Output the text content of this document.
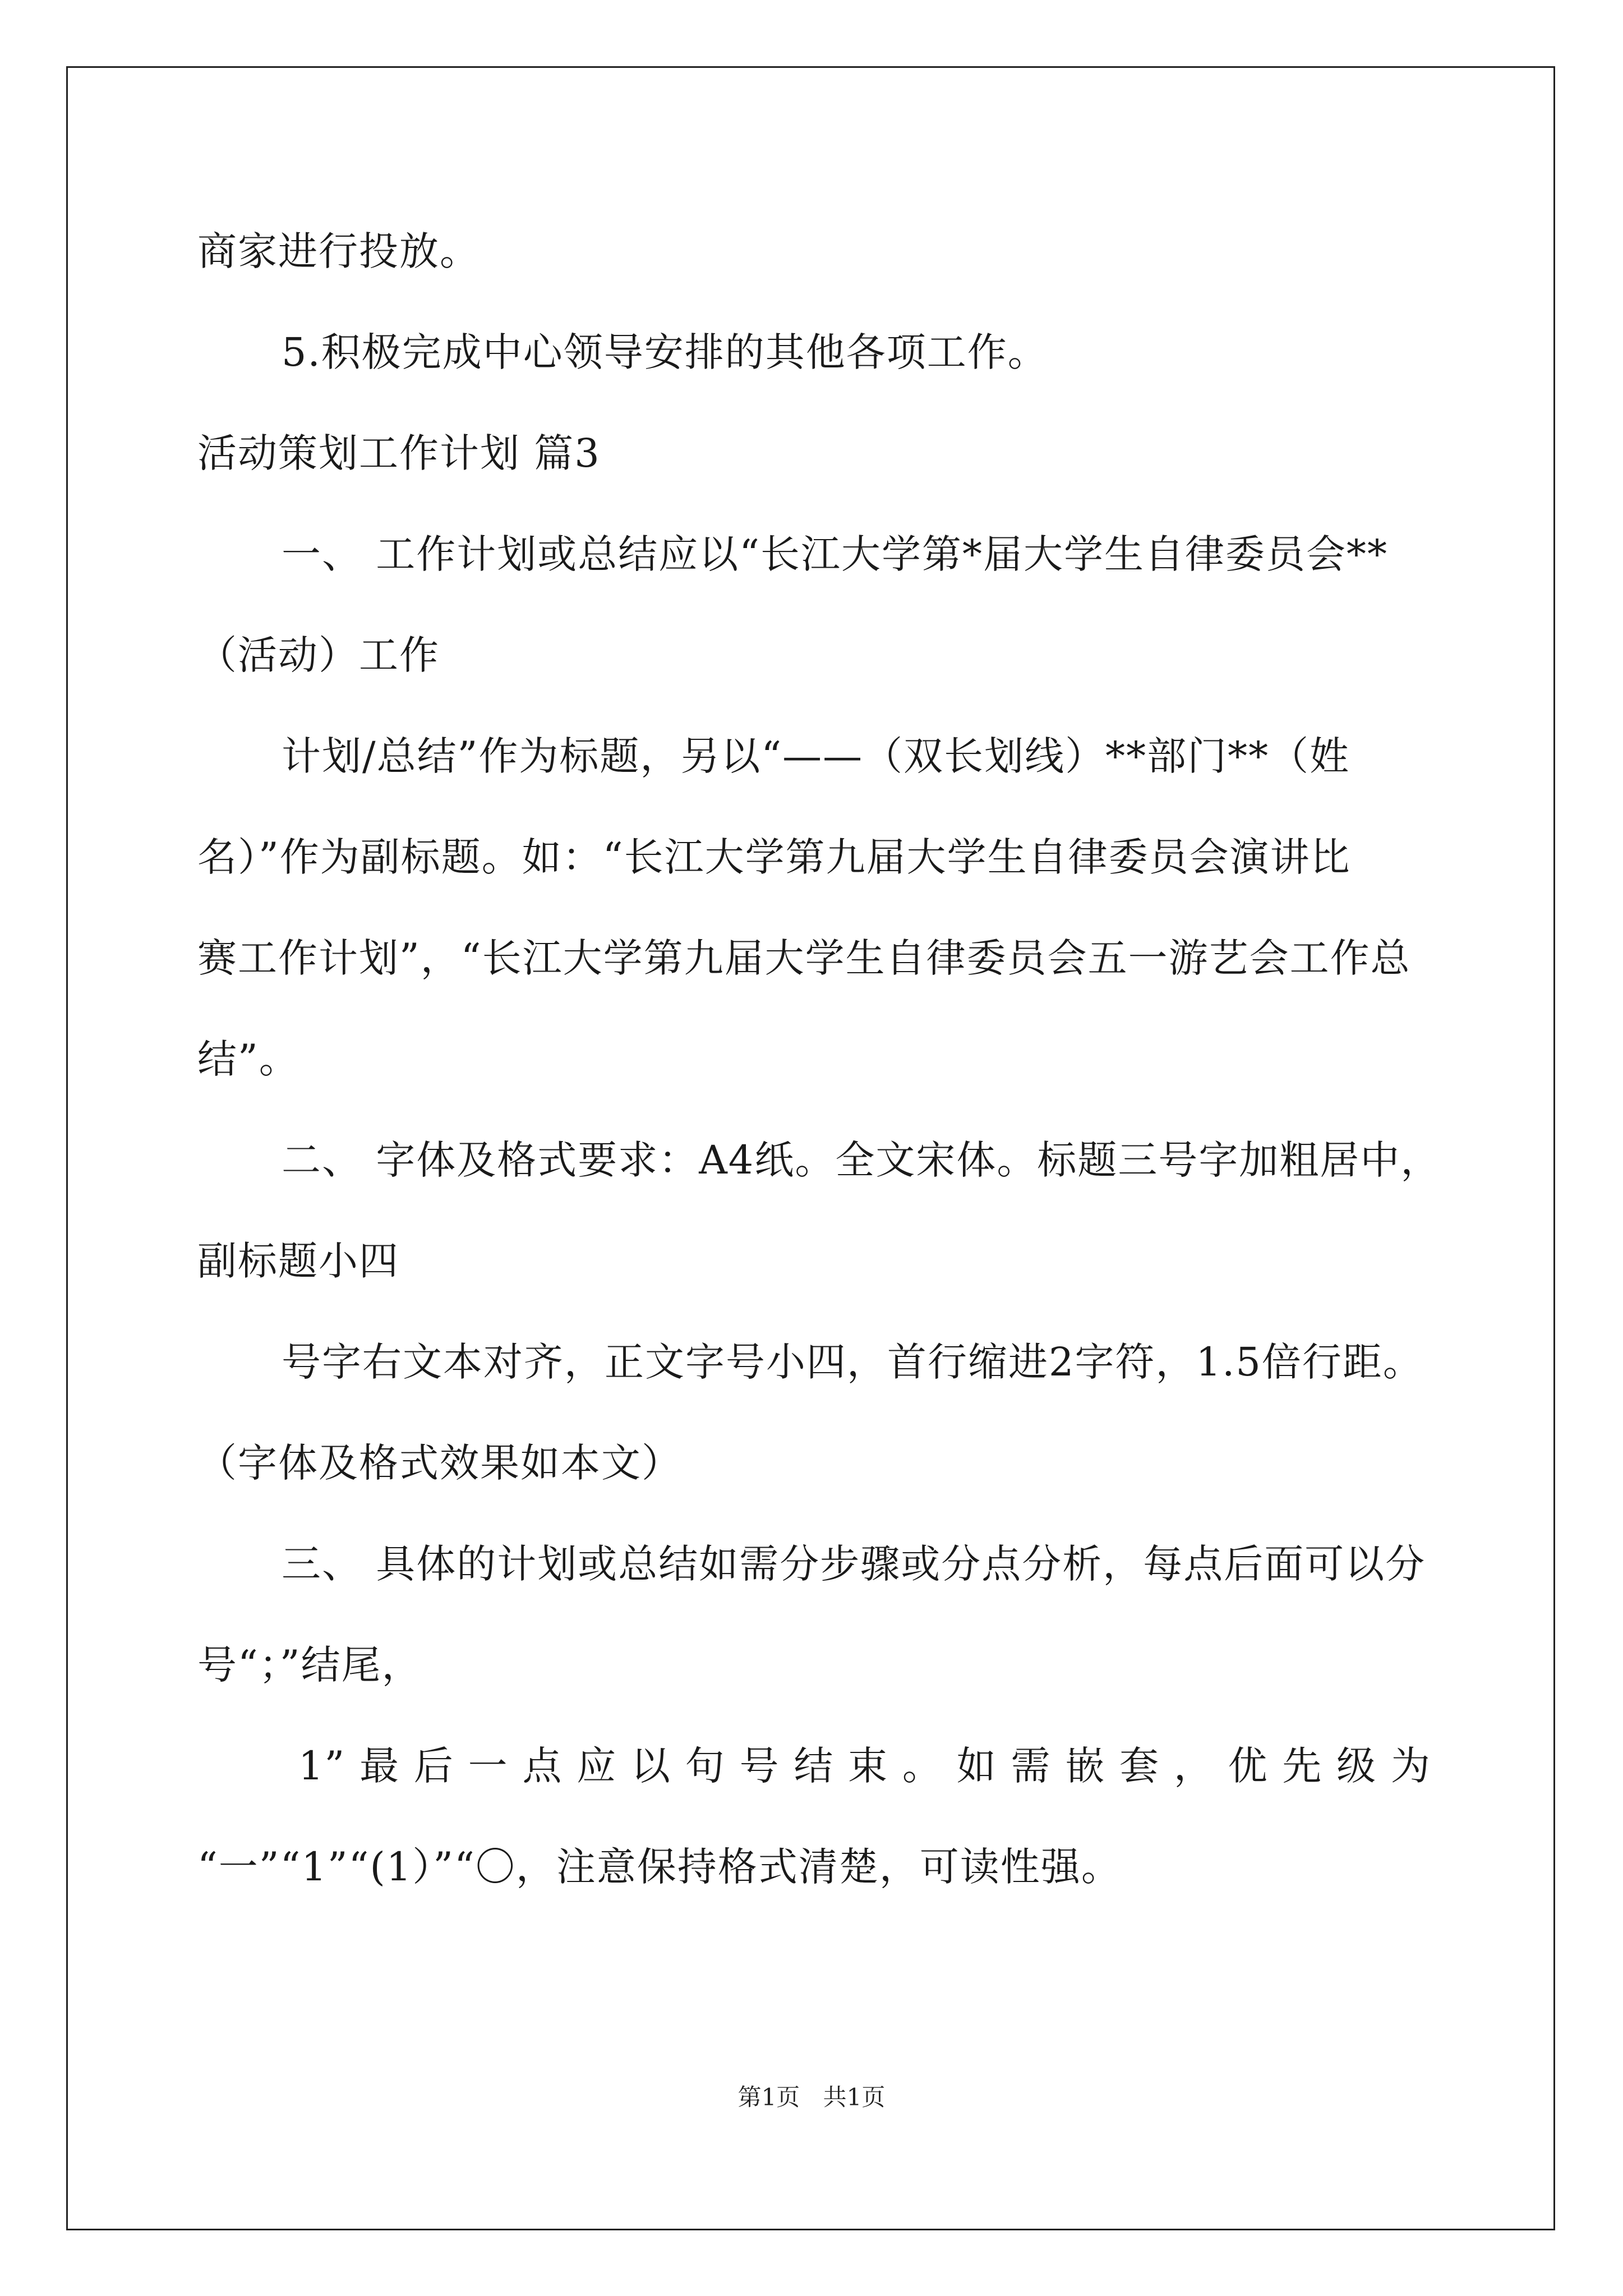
商家进行投放。
5.积极完成中心领导安排的其他各项工作。
活动策划工作计划 篇3
一、 工作计划或总结应以“长江大学第*届大学生自律委员会**
（活动）工作
计划/总结”作为标题，另以“——（双长划线）**部门**（姓
名）”作为副标题。如：“长江大学第九届大学生自律委员会演讲比
赛工作计划”，“长江大学第九届大学生自律委员会五一游艺会工作总
结”。
二、 字体及格式要求：A4纸。全文宋体。标题三号字加粗居中，
副标题小四
号字右文本对齐，正文字号小四，首行缩进2字符，1.5倍行距。
（字体及格式效果如本文）
三、 具体的计划或总结如需分步骤或分点分析，每点后面可以分
号“；”结尾，
1” 最 后 一 点 应 以 句 号 结 束 。 如 需 嵌 套 ， 优 先 级 为
“一”“1”“(1）”“〇，注意保持格式清楚，可读性强。
第1页 共1页
